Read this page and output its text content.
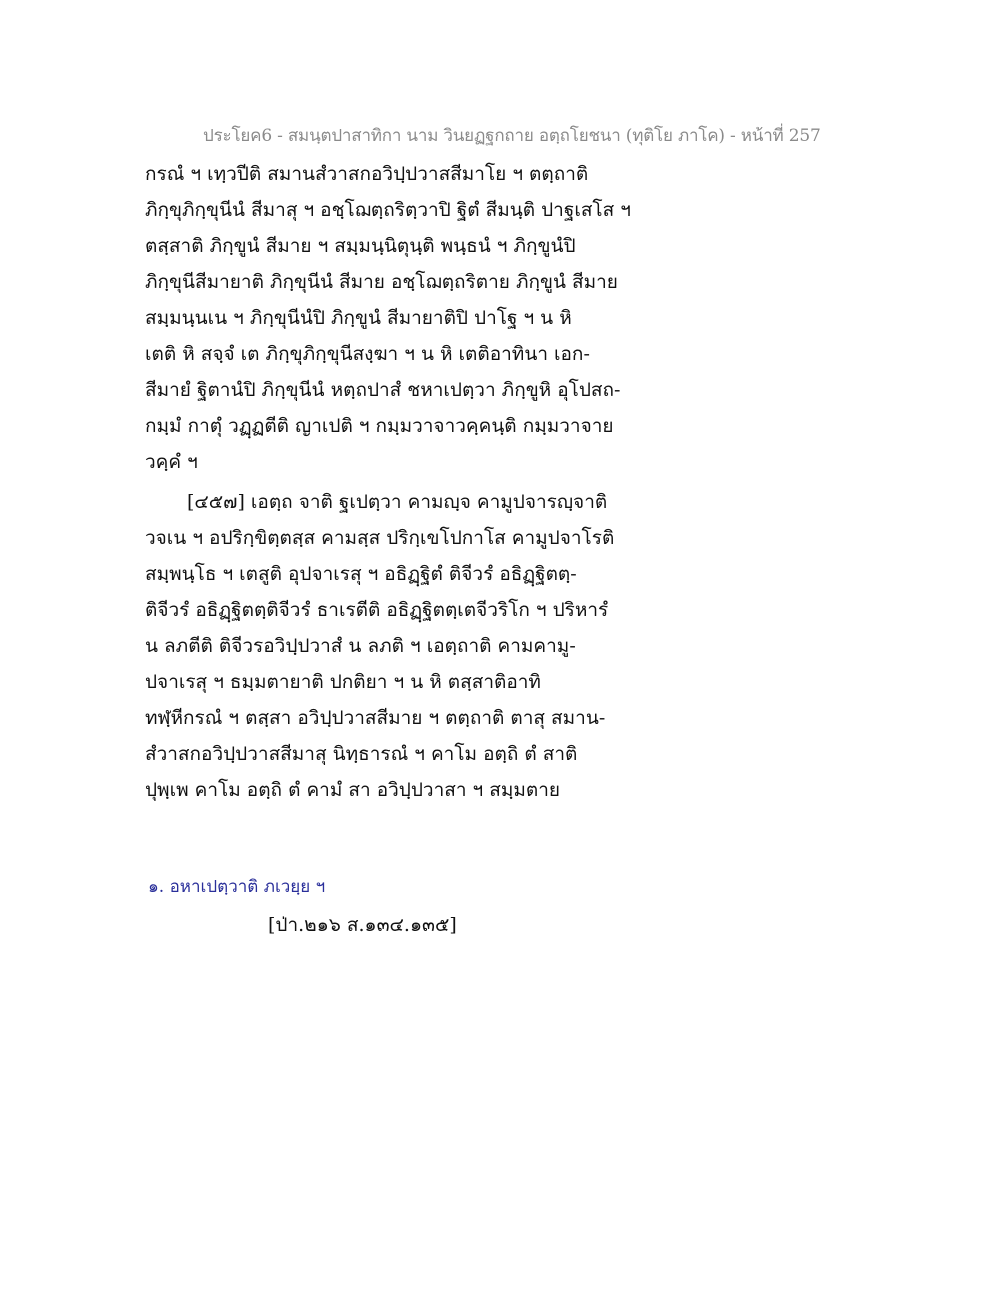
ประโยค6 - สมนฺตปาสาทิกา นาม วินยฏฐกถาย อตฺถโยชนา (ทุติโย ภาโค) - หน้าที่ 257
กรณํ ฯ เทฺวปีติ สมานสํวาสกอวิปฺปวาสสีมาโย ฯ ตตฺถาติ
ภิกฺขุภิกฺขุนีนํ สีมาสุ ฯ อชฺโฌตฺถริตฺวาปิ ฐิตํ สีมนฺติ ปาฐเสโส ฯ
ตสฺสาติ ภิกฺขูนํ สีมาย ฯ สมฺมนฺนิตุนฺติ พนฺธนํ ฯ ภิกฺขูนํปิ
ภิกฺขุนีสีมายาติ ภิกฺขุนีนํ สีมาย อชฺโฌตฺถริตาย ภิกฺขูนํ สีมาย
สมฺมนฺนเน ฯ ภิกฺขุนีนํปิ ภิกฺขูนํ สีมายาติปิ ปาโฐ ฯ น หิ
เตติ หิ สจฺจํ เต ภิกฺขุภิกฺขุนีสงฺฆา ฯ น หิ เตติอาทินา เอก-
สีมายํ ฐิตานํปิ ภิกฺขุนีนํ หตฺถปาสํ ชหาเปตฺวา ภิกฺขูหิ อุโปสถ-
กมฺมํ กาตุํ วฏฺฏตีติ ญาเปติ ฯ กมฺมวาจาวคฺคนฺติ กมฺมวาจาย
วคฺคํ ฯ
[๔๕๗] เอตฺถ จาติ ฐเปตฺวา คามญฺจ คามูปจารญฺจาติ
วจเน ฯ อปริกฺขิตฺตสฺส คามสฺส ปริกฺเขโปกาโส คามูปจาโรติ
สมฺพนฺโธ ฯ เตสูติ อุปจาเรสุ ฯ อธิฏฺฐิตํ ติจีวรํ อธิฏฺฐิตตฺ-
ติจีวรํ อธิฏฺฐิตตฺติจีวรํ ธาเรตีติ อธิฏฺฐิตตฺเตจีวริโก ฯ ปริหารํ
น ลภตีติ ติจีวรอวิปฺปวาสํ น ลภติ ฯ เอตฺถาติ คามคามู-
ปจาเรสุ ฯ ธมฺมตายาติ ปกติยา ฯ น หิ ตสฺสาติอาทิ
ทฬฺหีกรณํ ฯ ตสฺสา อวิปฺปวาสสีมาย ฯ ตตฺถาติ ตาสุ สมาน-
สํวาสกอวิปฺปวาสสีมาสุ นิทฺธารณํ ฯ คาโม อตฺถิ ตํ สาติ
ปุพฺเพ คาโม อตฺถิ ตํ คามํ สา อวิปฺปวาสา ฯ สมฺมตาย
๑. อหาเปตฺวาติ ภเวยฺย ฯ
[ป่า.๒๑๖ ส.๑๓๔.๑๓๕]
